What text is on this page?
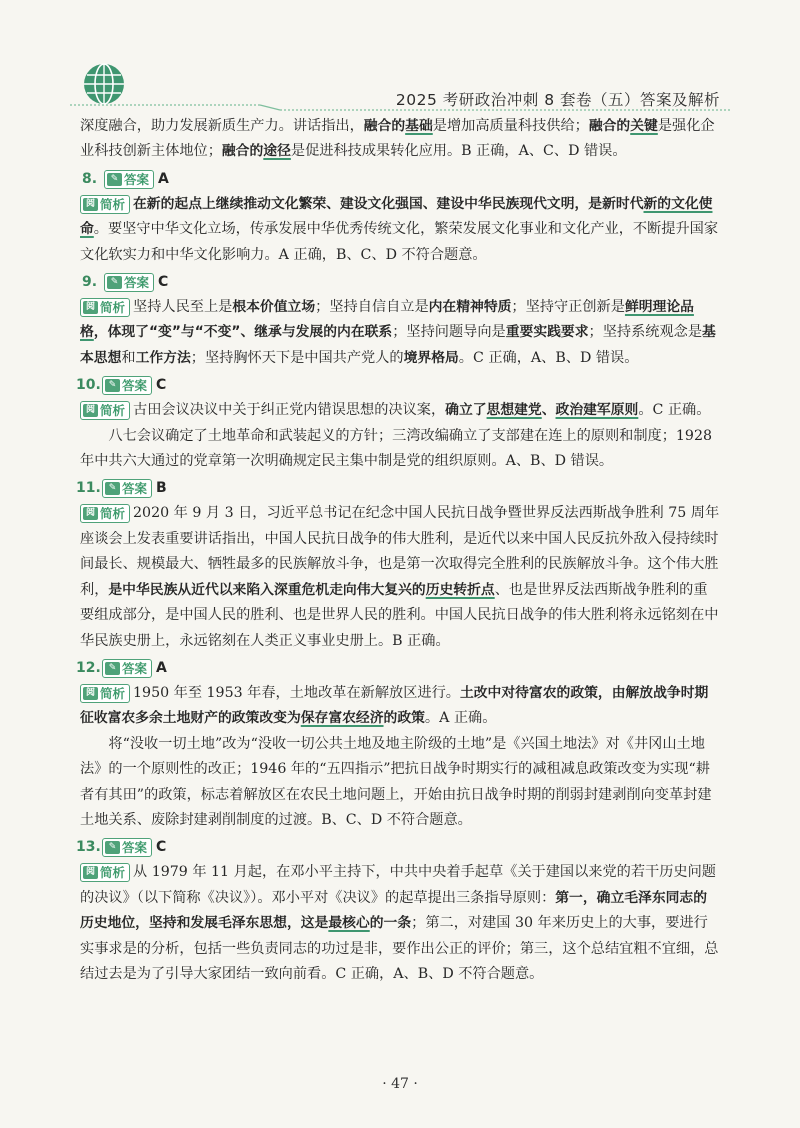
2025 考研政治冲刺 8 套卷（五）答案及解析

深度融合，助力发展新质生产力。讲话指出，融合的基础是增加高质量科技供给；融合的关键是强化企业科技创新主体地位；融合的途径是促进科技成果转化应用。B 正确，A、C、D 错误。

8.	✎ 答案 A

阅 简析 在新的起点上继续推动文化繁荣、建设文化强国、建设中华民族现代文明，是新时代新的文化使命。要坚守中华文化立场，传承发展中华优秀传统文化，繁荣发展文化事业和文化产业，不断提升国家文化软实力和中华文化影响力。A 正确，B、C、D 不符合题意。

9.	✎ 答案 C

阅 简析 坚持人民至上是根本价值立场；坚持自信自立是内在精神特质；坚持守正创新是鲜明理论品格，体现了“变”与“不变”、继承与发展的内在联系；坚持问题导向是重要实践要求；坚持系统观念是基本思想和工作方法；坚持胸怀天下是中国共产党人的境界格局。C 正确，A、B、D 错误。

10. ✎ 答案 C

阅 简析 古田会议决议中关于纠正党内错误思想的决议案，确立了思想建党、政治建军原则。C 正确。

八七会议确定了土地革命和武装起义的方针；三湾改编确立了支部建在连上的原则和制度；1928 年中共六大通过的党章第一次明确规定民主集中制是党的组织原则。A、B、D 错误。

11. ✎ 答案 B

阅 简析 2020 年 9 月 3 日，习近平总书记在纪念中国人民抗日战争暨世界反法西斯战争胜利 75 周年座谈会上发表重要讲话指出，中国人民抗日战争的伟大胜利，是近代以来中国人民反抗外敌入侵持续时间最长、规模最大、牺牲最多的民族解放斗争，也是第一次取得完全胜利的民族解放斗争。这个伟大胜利，是中华民族从近代以来陷入深重危机走向伟大复兴的历史转折点、也是世界反法西斯战争胜利的重要组成部分，是中国人民的胜利、也是世界人民的胜利。中国人民抗日战争的伟大胜利将永远铭刻在中华民族史册上，永远铭刻在人类正义事业史册上。B 正确。

12. ✎ 答案 A

阅 简析 1950 年至 1953 年春，土地改革在新解放区进行。土改中对待富农的政策，由解放战争时期征收富农多余土地财产的政策改变为保存富农经济的政策。A 正确。

将“没收一切土地”改为“没收一切公共土地及地主阶级的土地”是《兴国土地法》对《井冈山土地法》的一个原则性的改正；1946 年的“五四指示”把抗日战争时期实行的减租减息政策改变为实现“耕者有其田”的政策，标志着解放区在农民土地问题上，开始由抗日战争时期的削弱封建剥削向变革封建土地关系、废除封建剥削制度的过渡。B、C、D 不符合题意。

13. ✎ 答案 C

阅 简析 从 1979 年 11 月起，在邓小平主持下，中共中央着手起草《关于建国以来党的若干历史问题的决议》（以下简称《决议》）。邓小平对《决议》的起草提出三条指导原则：第一，确立毛泽东同志的历史地位，坚持和发展毛泽东思想，这是最核心的一条；第二，对建国 30 年来历史上的大事，要进行实事求是的分析，包括一些负责同志的功过是非，要作出公正的评价；第三，这个总结宜粗不宜细，总结过去是为了引导大家团结一致向前看。C 正确，A、B、D 不符合题意。

· 47 ·
